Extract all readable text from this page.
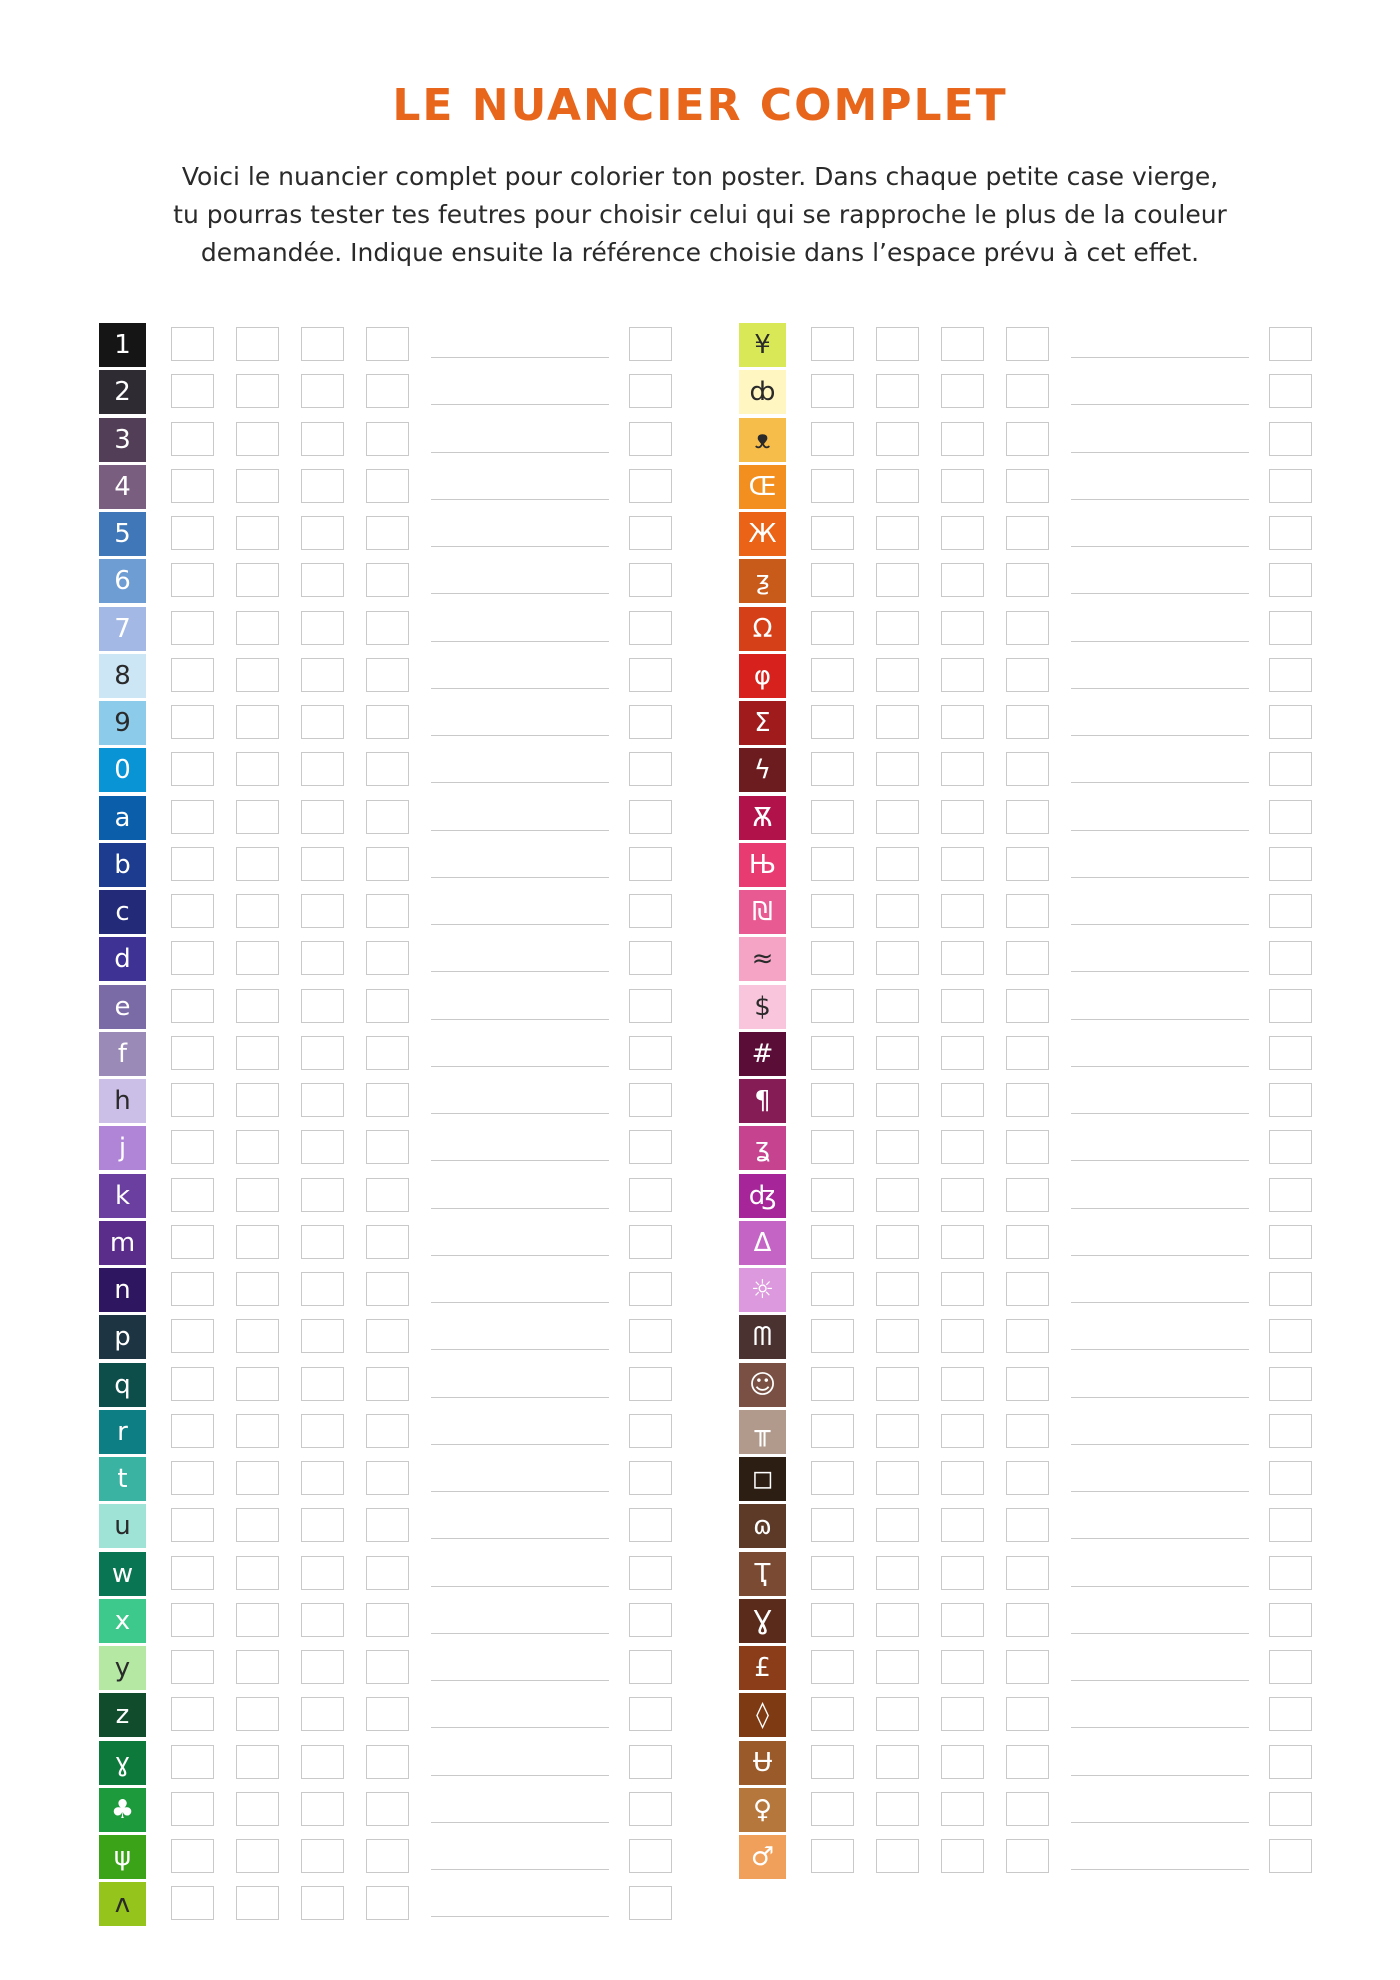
LE NUANCIER COMPLET
Voici le nuancier complet pour colorier ton poster. Dans chaque petite case vierge,
tu pourras tester tes feutres pour choisir celui qui se rapproche le plus de la couleur
demandée. Indique ensuite la référence choisie dans l’espace prévu à cet effet.
1
2
3
4
5
6
7
8
9
0
a
b
c
d
e
f
h
j
k
m
n
p
q
r
t
u
w
x
y
z
ɣ
♣
ψ
ʌ
¥
ȸ
ᴥ
Œ
Ж
ƺ
Ω
φ
Σ
ϟ
Ѫ
Њ
₪
≈
$
#
¶
ʓ
ʤ
Δ
☼
ᗰ
☺
╥
◻
ɷ
Ҭ
Ɣ
£
◊
Ʉ
♀
♂
